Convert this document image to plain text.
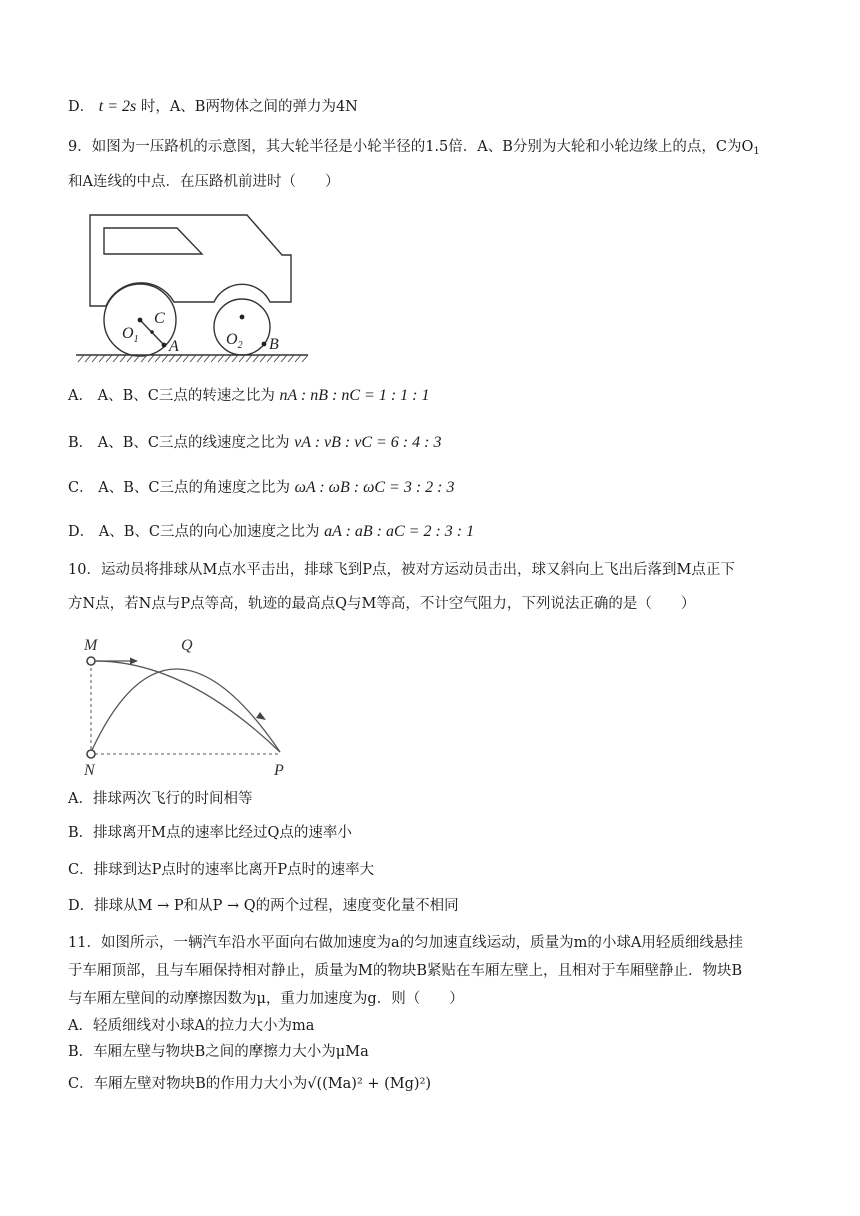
D． t = 2s 时，A、B两物体之间的弹力为4N
9．如图为一压路机的示意图，其大轮半径是小轮半径的1.5倍．A、B分别为大轮和小轮边缘上的点，C为$O_1$
和A连线的中点．在压路机前进时（　　）
$O_1$
C
A	$O_2$ B
A． A、B、C三点的转速之比为 nA : nB : nC = 1 : 1 : 1
B． A、B、C三点的线速度之比为 vA : vB : vC = 6 : 4 : 3
C． A、B、C三点的角速度之比为 ωA : ωB : ωC = 3 : 2 : 3
D． A、B、C三点的向心加速度之比为 aA : aB : aC = 2 : 3 : 1
10．运动员将排球从M点水平击出，排球飞到P点，被对方运动员击出，球又斜向上飞出后落到M点正下
方N点，若N点与P点等高，轨迹的最高点Q与M等高，不计空气阻力，下列说法正确的是（　　）
M	Q
N	P
A．排球两次飞行的时间相等
B．排球离开M点的速率比经过Q点的速率小
C．排球到达P点时的速率比离开P点时的速率大
D．排球从M → P和从P → Q的两个过程，速度变化量不相同
11．如图所示，一辆汽车沿水平面向右做加速度为a的匀加速直线运动，质量为m的小球A用轻质细线悬挂
于车厢顶部，且与车厢保持相对静止，质量为M的物块B紧贴在车厢左壁上，且相对于车厢壁静止．物块B
与车厢左壁间的动摩擦因数为μ，重力加速度为g．则（　　）
A．轻质细线对小球A的拉力大小为ma
B．车厢左壁与物块B之间的摩擦力大小为μMa
C．车厢左壁对物块B的作用力大小为√((Ma)² + (Mg)²)
